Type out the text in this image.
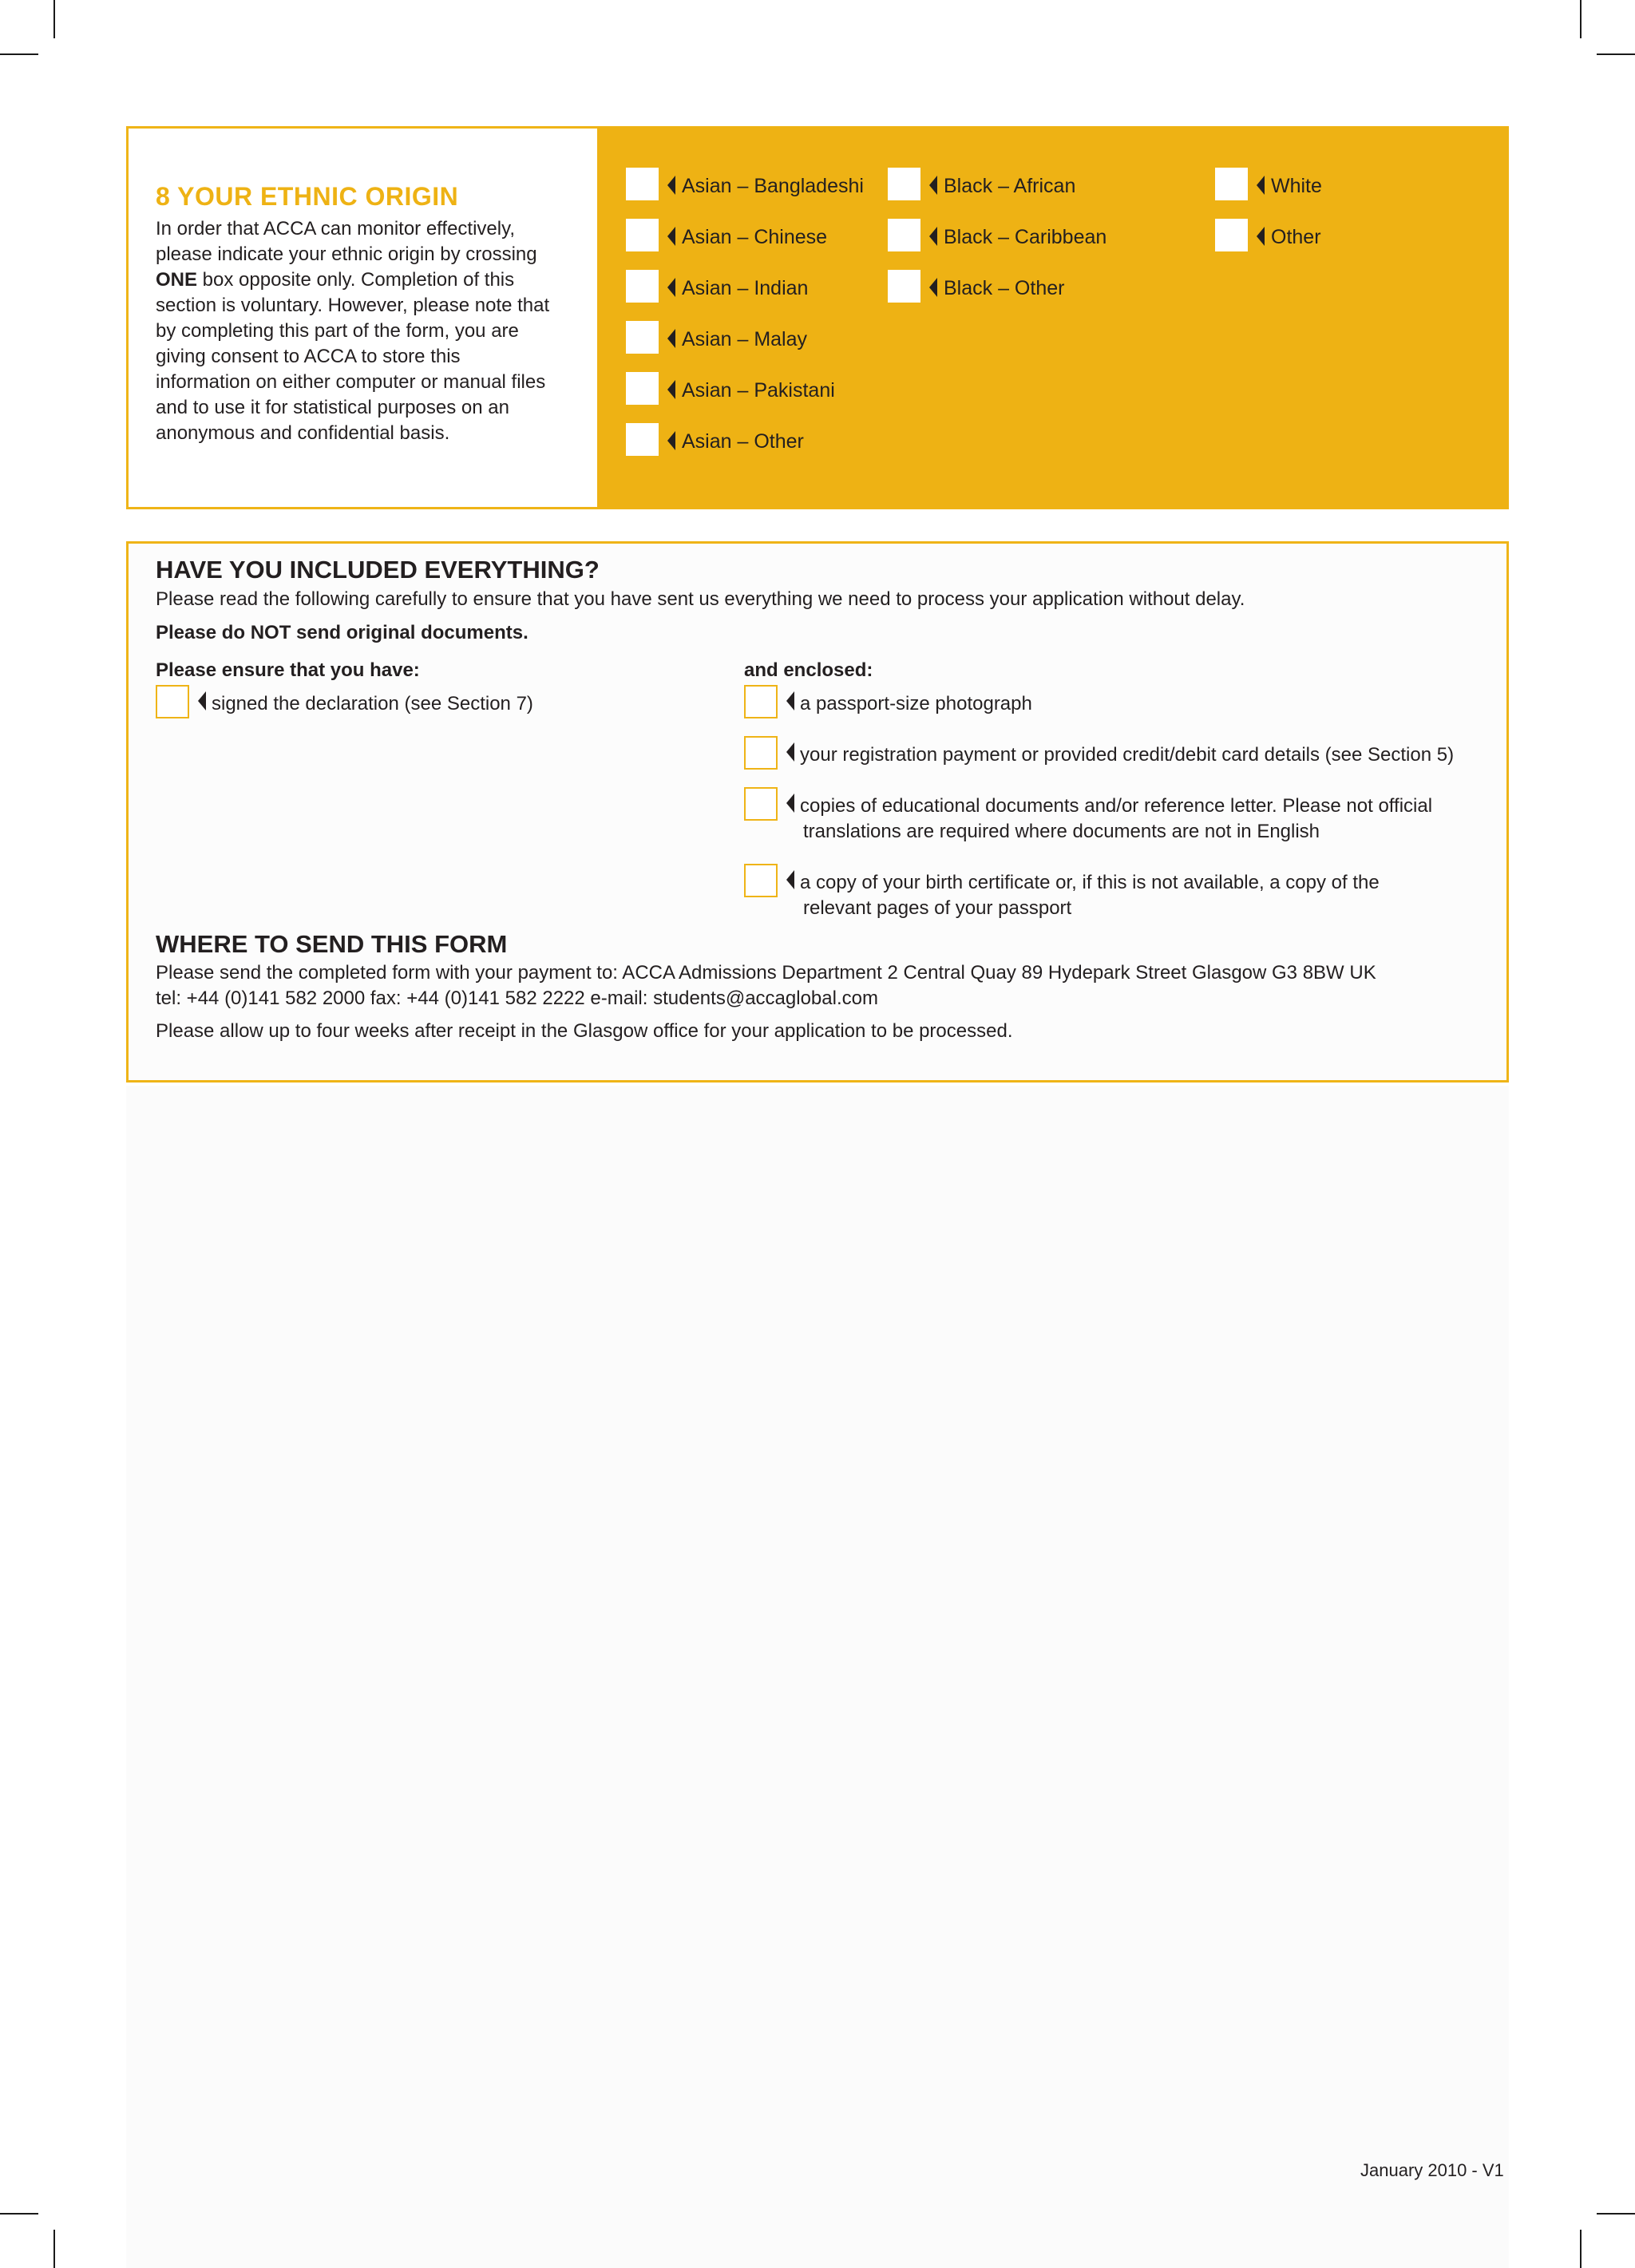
8 YOUR ETHNIC ORIGIN

In order that ACCA can monitor effectively, please indicate your ethnic origin by crossing ONE box opposite only. Completion of this section is voluntary. However, please note that by completing this part of the form, you are giving consent to ACCA to store this information on either computer or manual files and to use it for statistical purposes on an anonymous and confidential basis.

Asian – Bangladeshi
Asian – Chinese
Asian – Indian
Asian – Malay
Asian – Pakistani
Asian – Other
Black – African
Black – Caribbean
Black – Other
White
Other
HAVE YOU INCLUDED EVERYTHING?

Please read the following carefully to ensure that you have sent us everything we need to process your application without delay.

Please do NOT send original documents.

Please ensure that you have:	and enclosed:

signed the declaration (see Section 7)	a passport-size photograph
your registration payment or provided credit/debit card details (see Section 5)
copies of educational documents and/or reference letter. Please not official
translations are required where documents are not in English
a copy of your birth certificate or, if this is not available, a copy of the
relevant pages of your passport
WHERE TO SEND THIS FORM

Please send the completed form with your payment to: ACCA Admissions Department 2 Central Quay 89 Hydepark Street Glasgow G3 8BW UK

tel: +44 (0)141 582 2000 fax: +44 (0)141 582 2222 e-mail: students@accaglobal.com

Please allow up to four weeks after receipt in the Glasgow office for your application to be processed.

January 2010 - V1
